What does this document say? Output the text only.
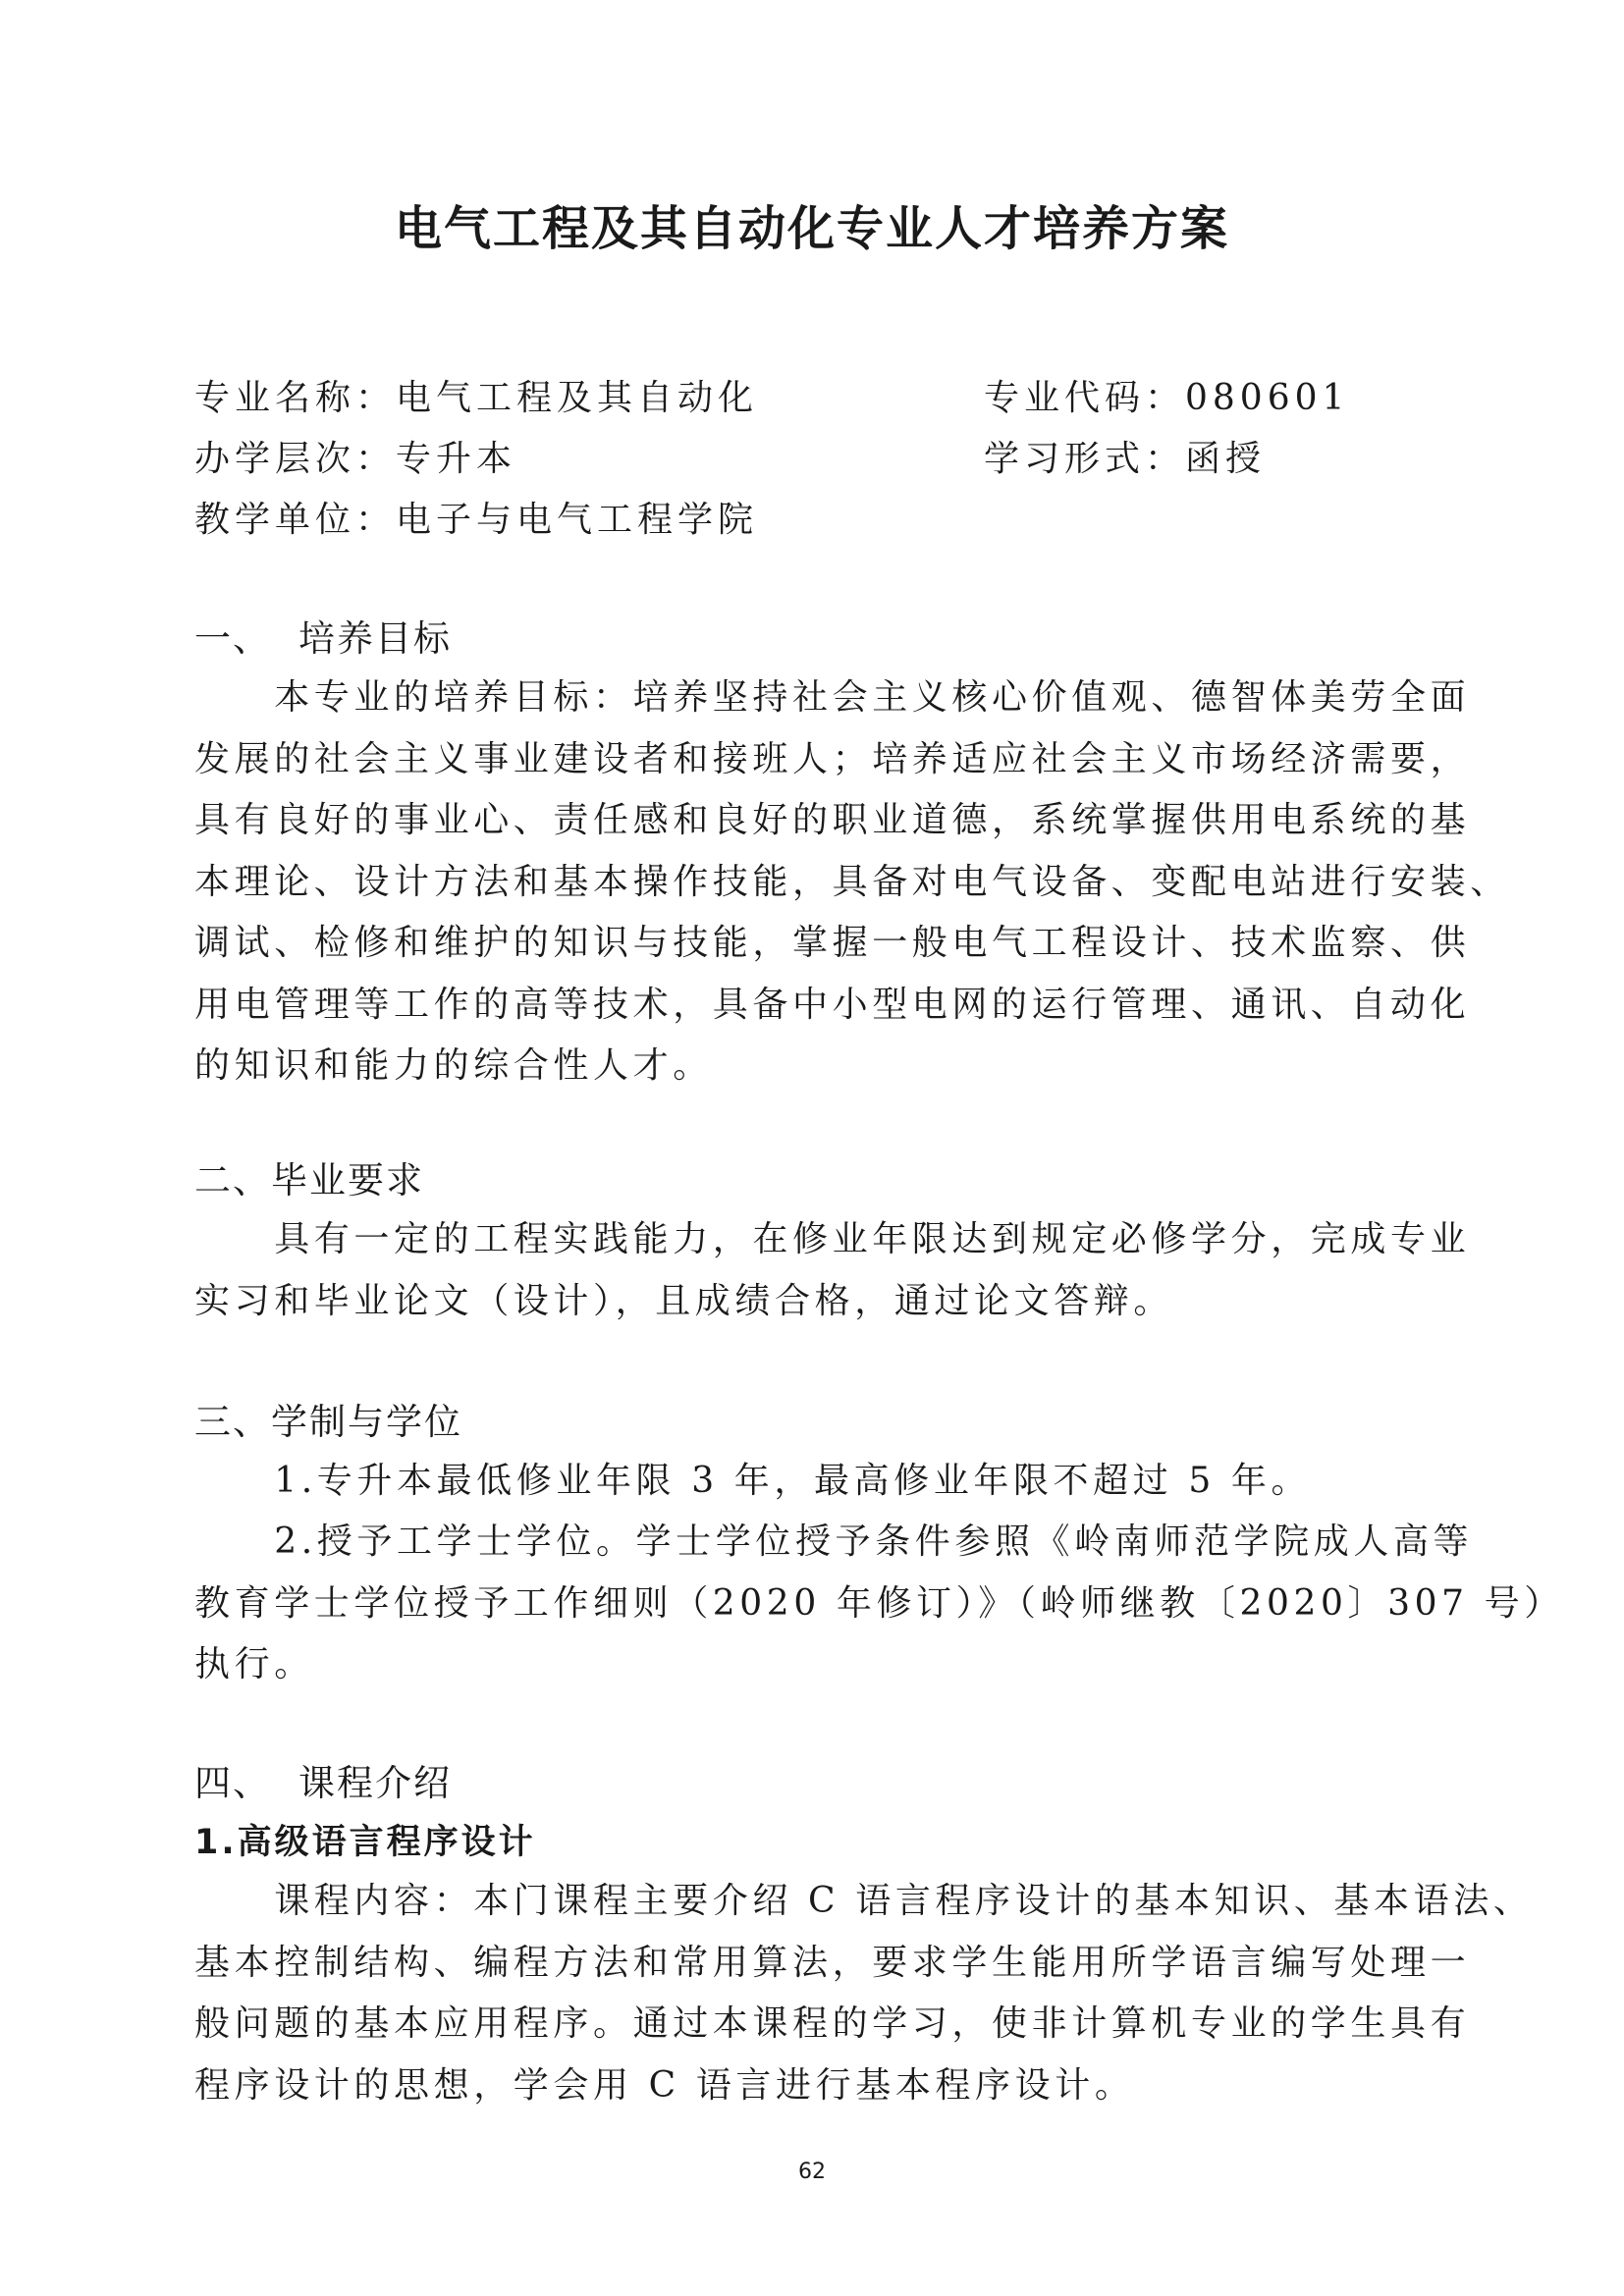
电气工程及其自动化专业人才培养方案
专业名称：电气工程及其自动化	专业代码：080601
办学层次：专升本	学习形式：函授
教学单位：电子与电气工程学院
一、 培养目标
　　本专业的培养目标：培养坚持社会主义核心价值观、德智体美劳全面
发展的社会主义事业建设者和接班人；培养适应社会主义市场经济需要，
具有良好的事业心、责任感和良好的职业道德，系统掌握供用电系统的基
本理论、设计方法和基本操作技能，具备对电气设备、变配电站进行安装、
调试、检修和维护的知识与技能，掌握一般电气工程设计、技术监察、供
用电管理等工作的高等技术，具备中小型电网的运行管理、通讯、自动化
的知识和能力的综合性人才。
二、毕业要求
　　具有一定的工程实践能力，在修业年限达到规定必修学分，完成专业
实习和毕业论文（设计），且成绩合格，通过论文答辩。
三、学制与学位
　　1.专升本最低修业年限 3 年，最高修业年限不超过 5 年。
　　2.授予工学士学位。学士学位授予条件参照《岭南师范学院成人高等
教育学士学位授予工作细则（2020 年修订）》（岭师继教〔2020〕307 号）
执行。
四、 课程介绍
1.高级语言程序设计
　　课程内容：本门课程主要介绍 C 语言程序设计的基本知识、基本语法、
基本控制结构、编程方法和常用算法，要求学生能用所学语言编写处理一
般问题的基本应用程序。通过本课程的学习，使非计算机专业的学生具有
程序设计的思想，学会用 C 语言进行基本程序设计。
62
